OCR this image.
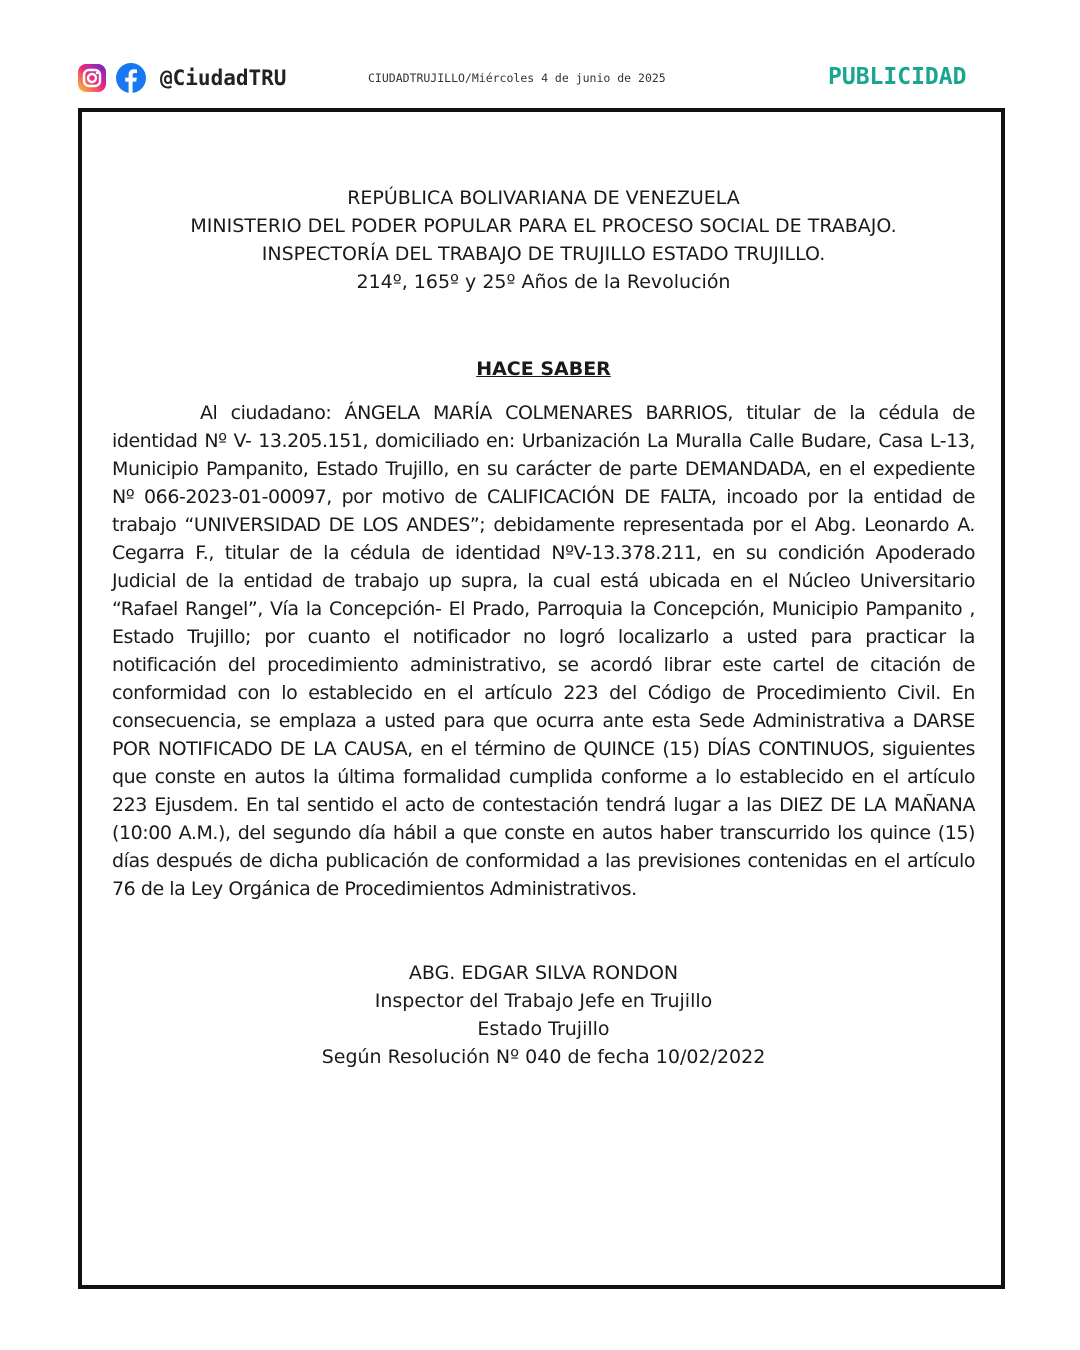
@CiudadTRU	CIUDADTRUJILLO/Miércoles 4 de junio de 2025	PUBLICIDAD
REPÚBLICA BOLIVARIANA DE VENEZUELA
MINISTERIO DEL PODER POPULAR PARA EL PROCESO SOCIAL DE TRABAJO.
INSPECTORÍA DEL TRABAJO DE TRUJILLO ESTADO TRUJILLO.
214º, 165º y 25º Años de la Revolución
HACE SABER
Al ciudadano: ÁNGELA MARÍA COLMENARES BARRIOS, titular de la cédula de identidad Nº V- 13.205.151, domiciliado en: Urbanización La Muralla Calle Budare, Casa L-13, Municipio Pampanito, Estado Trujillo, en su carácter de parte DEMANDADA, en el expediente Nº 066-2023-01-00097, por motivo de CALIFICACIÓN DE FALTA, incoado por la entidad de trabajo “UNIVERSIDAD DE LOS ANDES”; debidamente representada por el Abg. Leonardo A. Cegarra F., titular de la cédula de identidad NºV-13.378.211, en su condición Apoderado Judicial de la entidad de trabajo up supra, la cual está ubicada en el Núcleo Universitario “Rafael Rangel”, Vía la Concepción- El Prado, Parroquia la Concepción, Municipio Pampanito , Estado Trujillo; por cuanto el notificador no logró localizarlo a usted para practicar la notificación del procedimiento administrativo, se acordó librar este cartel de citación de conformidad con lo establecido en el artículo 223 del Código de Procedimiento Civil. En consecuencia, se emplaza a usted para que ocurra ante esta Sede Administrativa a DARSE POR NOTIFICADO DE LA CAUSA, en el término de QUINCE (15) DÍAS CONTINUOS, siguientes que conste en autos la última formalidad cumplida conforme a lo establecido en el artículo 223 Ejusdem. En tal sentido el acto de contestación tendrá lugar a las DIEZ DE LA MAÑANA (10:00 A.M.), del segundo día hábil a que conste en autos haber transcurrido los quince (15) días después de dicha publicación de conformidad a las previsiones contenidas en el artículo 76 de la Ley Orgánica de Procedimientos Administrativos.
ABG. EDGAR SILVA RONDON
Inspector del Trabajo Jefe en Trujillo
Estado Trujillo
Según Resolución Nº 040 de fecha 10/02/2022
